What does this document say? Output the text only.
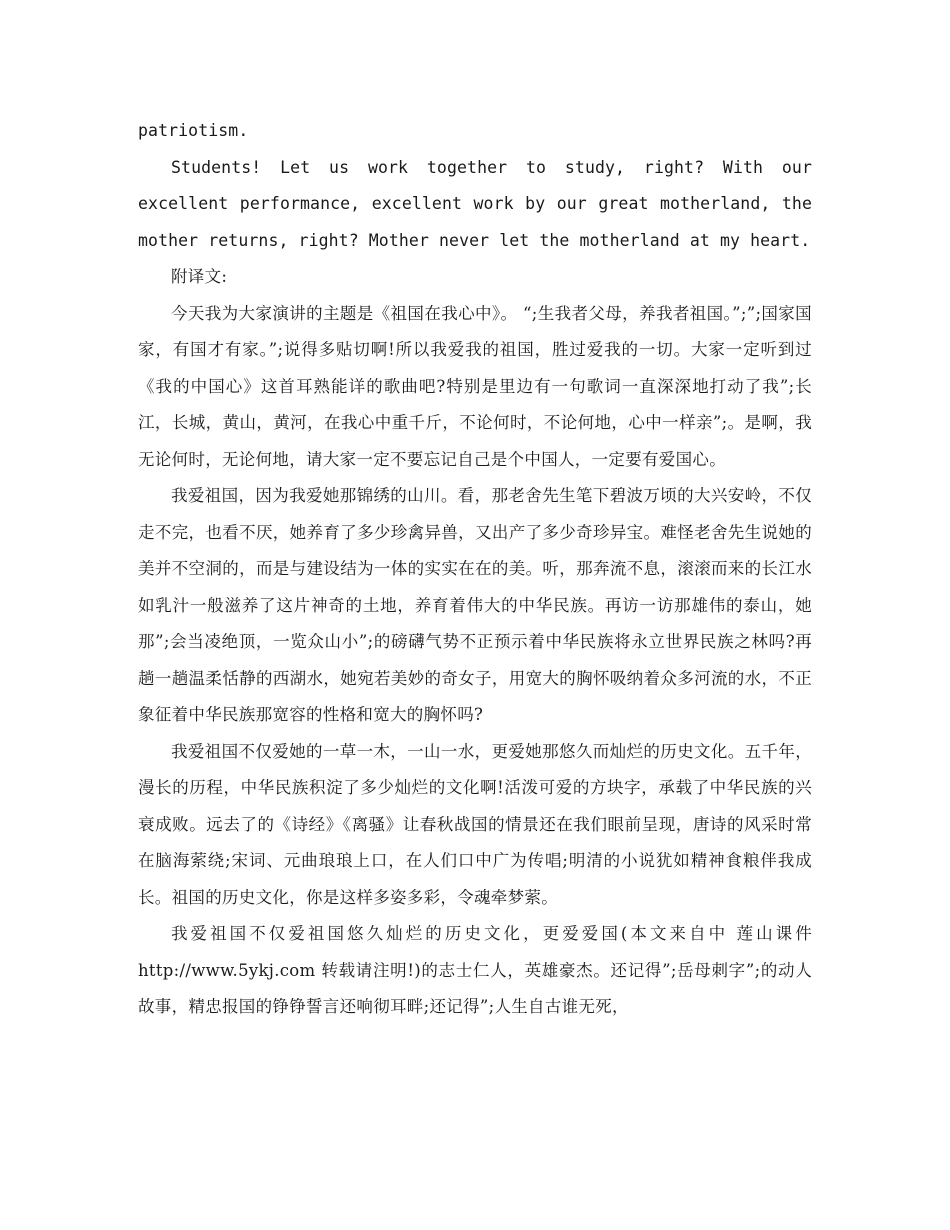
patriotism.

Students! Let us work together to study, right? With our excellent performance, excellent work by our great motherland, the mother returns, right? Mother never let the motherland at my heart.

附译文:

今天我为大家演讲的主题是《祖国在我心中》。 “;生我者父母，养我者祖国。”;”;国家国家，有国才有家。”;说得多贴切啊!所以我爱我的祖国，胜过爱我的一切。大家一定听到过《我的中国心》这首耳熟能详的歌曲吧?特别是里边有一句歌词一直深深地打动了我”;长江，长城，黄山，黄河，在我心中重千斤，不论何时，不论何地，心中一样亲”;。是啊，我无论何时，无论何地，请大家一定不要忘记自己是个中国人，一定要有爱国心。

我爱祖国，因为我爱她那锦绣的山川。看，那老舍先生笔下碧波万顷的大兴安岭，不仅走不完，也看不厌，她养育了多少珍禽异兽，又出产了多少奇珍异宝。难怪老舍先生说她的美并不空洞的，而是与建设结为一体的实实在在的美。听，那奔流不息，滚滚而来的长江水如乳汁一般滋养了这片神奇的土地，养育着伟大的中华民族。再访一访那雄伟的泰山，她那”;会当凌绝顶，一览众山小”;的磅礴气势不正预示着中华民族将永立世界民族之林吗?再趟一趟温柔恬静的西湖水，她宛若美妙的奇女子，用宽大的胸怀吸纳着众多河流的水，不正象征着中华民族那宽容的性格和宽大的胸怀吗?

我爱祖国不仅爱她的一草一木，一山一水，更爱她那悠久而灿烂的历史文化。五千年，漫长的历程，中华民族积淀了多少灿烂的文化啊!活泼可爱的方块字，承载了中华民族的兴衰成败。远去了的《诗经》《离骚》让春秋战国的情景还在我们眼前呈现，唐诗的风采时常在脑海萦绕;宋词、元曲琅琅上口，在人们口中广为传唱;明清的小说犹如精神食粮伴我成长。祖国的历史文化，你是这样多姿多彩，令魂牵梦萦。

我爱祖国不仅爱祖国悠久灿烂的历史文化，更爱爱国(本文来自中 莲山课件 http://www.5ykj.com 转载请注明!)的志士仁人，英雄豪杰。还记得”;岳母刺字”;的动人故事，精忠报国的铮铮誓言还响彻耳畔;还记得”;人生自古谁无死，
